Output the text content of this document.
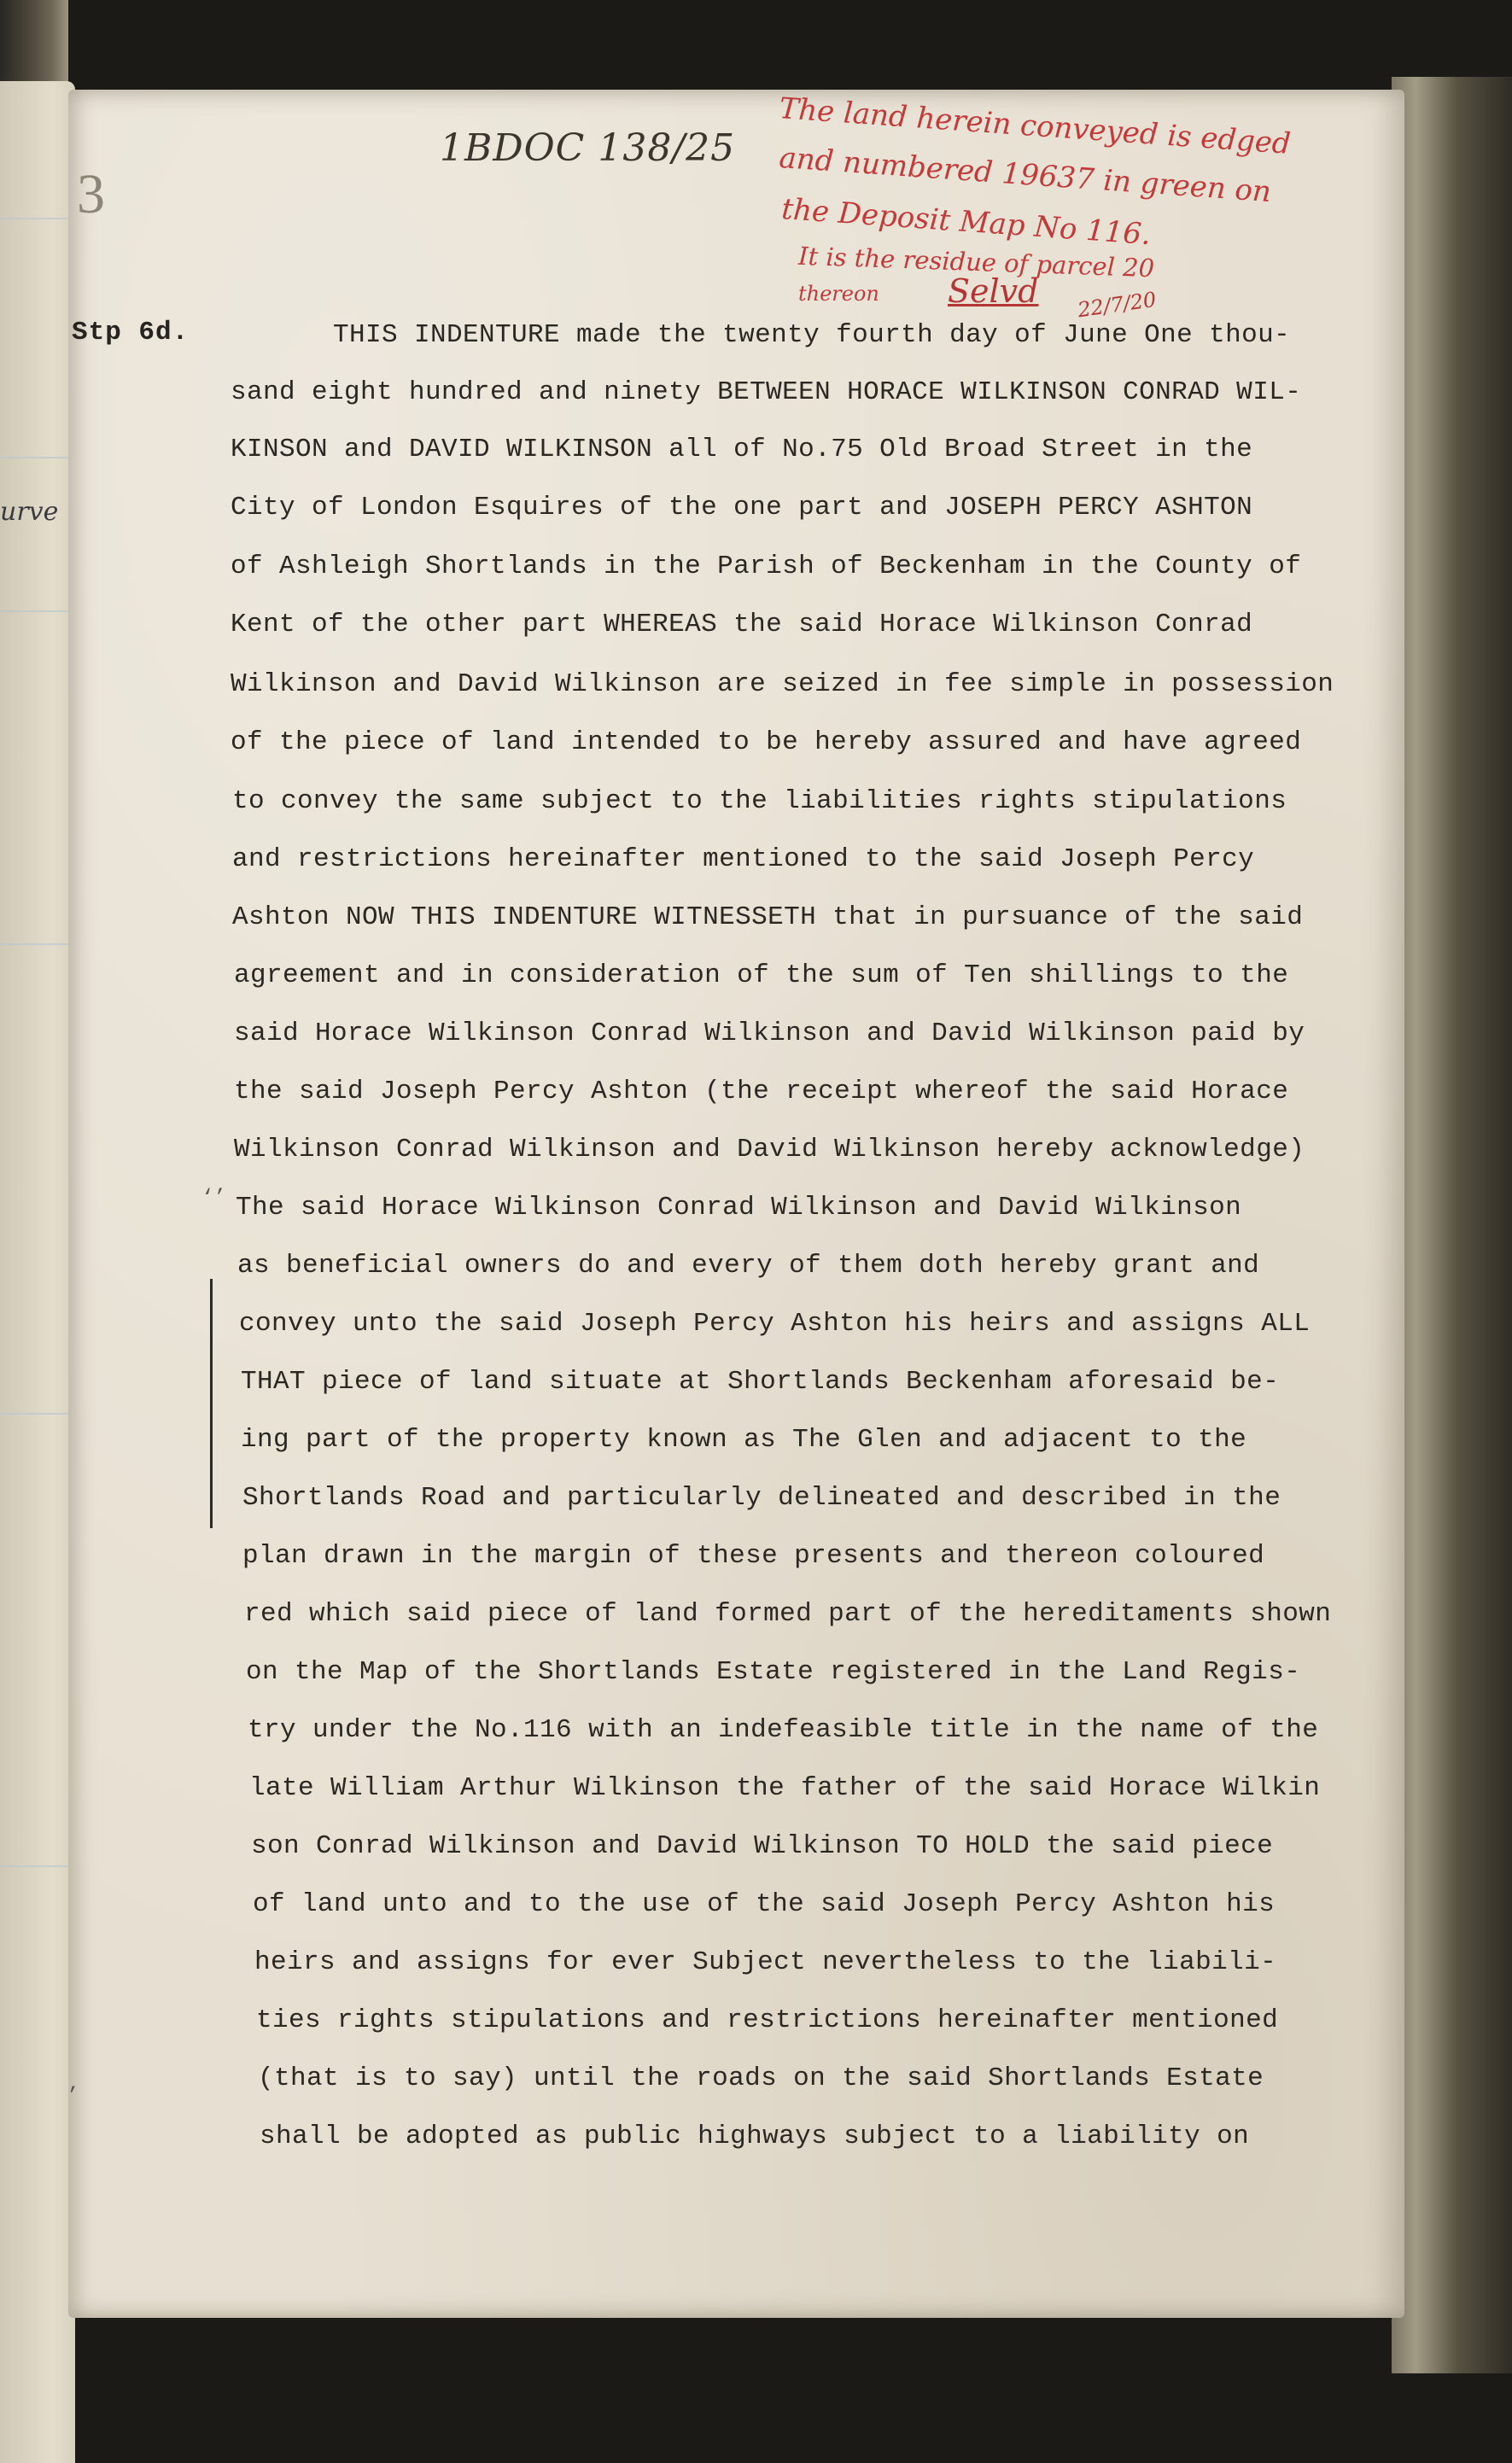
3
1BDOC 138/25 The land herein conveyed is edged
and numbered 19637 in green on
the Deposit Map No 116.
It is the residue of parcel 20
thereon Selvd 22/7/20
Stp 6d.
urve
‘’
’
THIS INDENTURE made the twenty fourth day of June One thou-
sand eight hundred and ninety BETWEEN HORACE WILKINSON CONRAD WIL-
KINSON and DAVID WILKINSON all of No.75 Old Broad Street in the
City of London Esquires of the one part and JOSEPH PERCY ASHTON
of Ashleigh Shortlands in the Parish of Beckenham in the County of
Kent of the other part WHEREAS the said Horace Wilkinson Conrad
Wilkinson and David Wilkinson are seized in fee simple in possession
of the piece of land intended to be hereby assured and have agreed
to convey the same subject to the liabilities rights stipulations
and restrictions hereinafter mentioned to the said Joseph Percy
Ashton NOW THIS INDENTURE WITNESSETH that in pursuance of the said
agreement and in consideration of the sum of Ten shillings to the
said Horace Wilkinson Conrad Wilkinson and David Wilkinson paid by
the said Joseph Percy Ashton (the receipt whereof the said Horace
Wilkinson Conrad Wilkinson and David Wilkinson hereby acknowledge)
The said Horace Wilkinson Conrad Wilkinson and David Wilkinson
as beneficial owners do and every of them doth hereby grant and
convey unto the said Joseph Percy Ashton his heirs and assigns ALL
THAT piece of land situate at Shortlands Beckenham aforesaid be-
ing part of the property known as The Glen and adjacent to the
Shortlands Road and particularly delineated and described in the
plan drawn in the margin of these presents and thereon coloured
red which said piece of land formed part of the hereditaments shown
on the Map of the Shortlands Estate registered in the Land Regis-
try under the No.116 with an indefeasible title in the name of the
late William Arthur Wilkinson the father of the said Horace Wilkin
son Conrad Wilkinson and David Wilkinson TO HOLD the said piece
of land unto and to the use of the said Joseph Percy Ashton his
heirs and assigns for ever Subject nevertheless to the liabili-
ties rights stipulations and restrictions hereinafter mentioned
(that is to say) until the roads on the said Shortlands Estate
shall be adopted as public highways subject to a liability on
